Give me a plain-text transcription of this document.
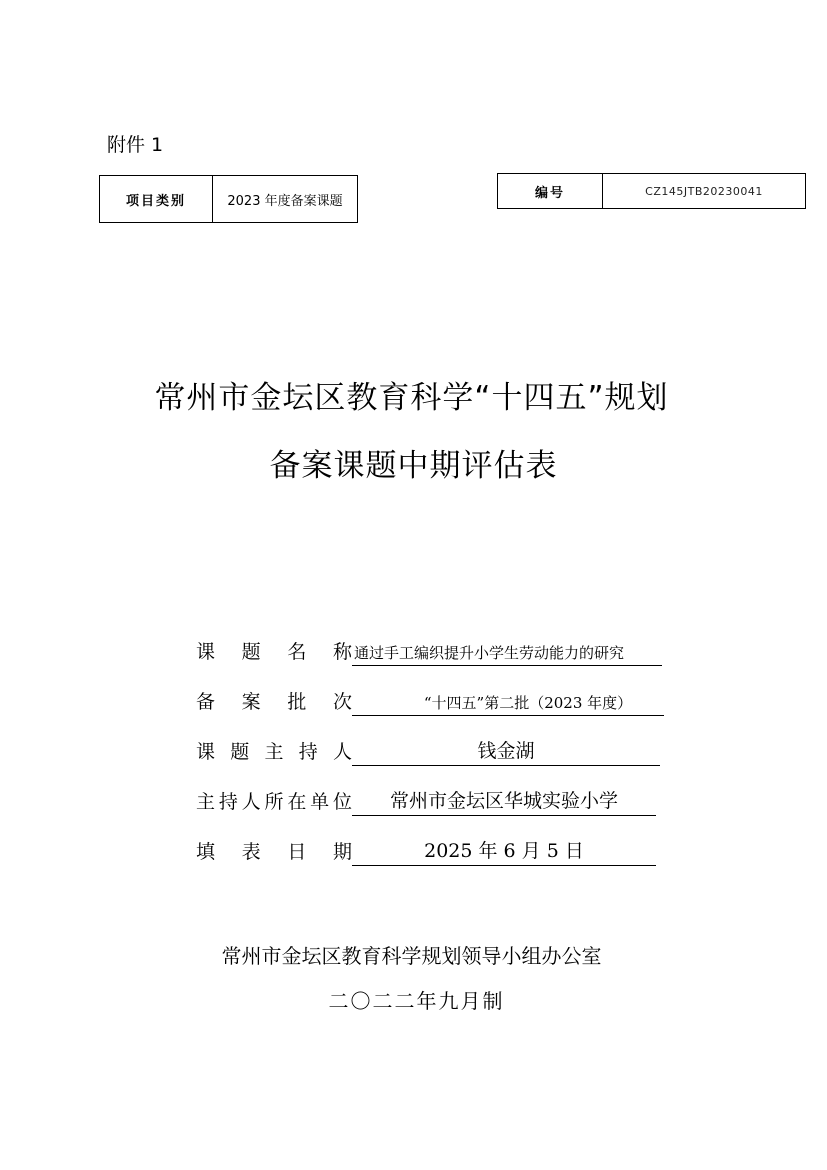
附件 1
项目类别	2023 年度备案课题
编号	CZ145JTB20230041
常州市金坛区教育科学“十四五”规划
备案课题中期评估表
课 题 名 称 通过手工编织提升小学生劳动能力的研究
备 案 批 次	“十四五”第二批（2023 年度）
课 题 主 持 人	钱金湖
主 持 人 所 在 单 位	常州市金坛区华城实验小学
填 表 日 期	2025 年 6 月 5 日
常州市金坛区教育科学规划领导小组办公室
二〇二二年九月制
